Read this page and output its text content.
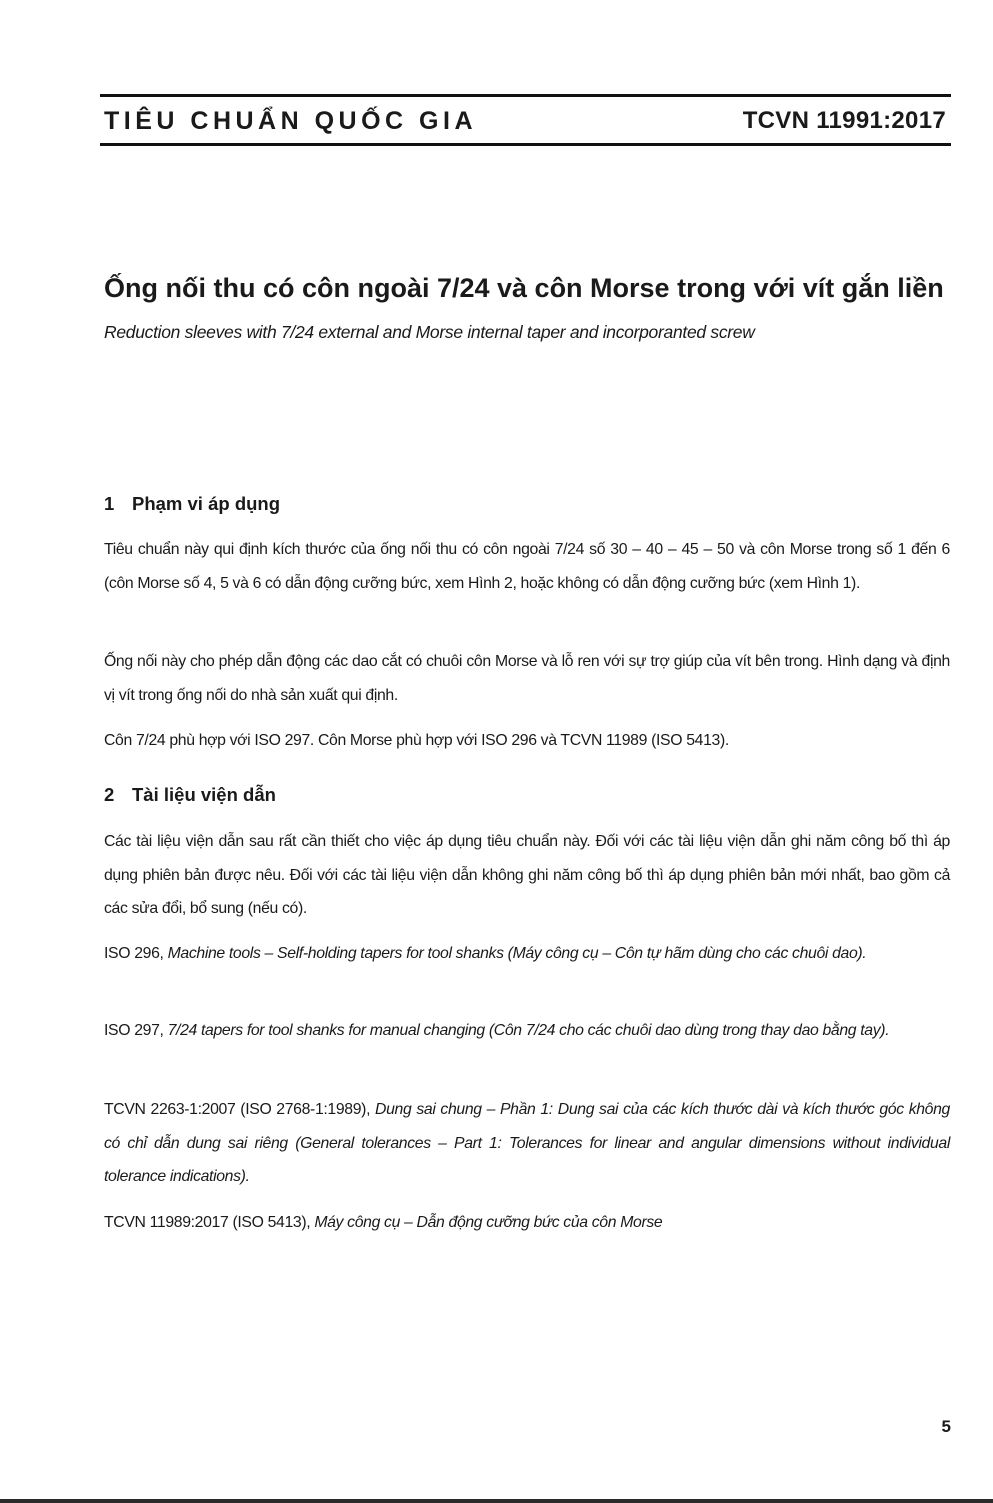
TIÊU CHUẨN QUỐC GIA	TCVN 11991:2017
Ống nối thu có côn ngoài 7/24 và côn Morse trong với vít gắn liền
Reduction sleeves with 7/24 external and Morse internal taper and incorporanted screw
1 Phạm vi áp dụng
Tiêu chuẩn này qui định kích thước của ống nối thu có côn ngoài 7/24 số 30 – 40 – 45 – 50 và côn Morse trong số 1 đến 6 (côn Morse số 4, 5 và 6 có dẫn động cưỡng bức, xem Hình 2, hoặc không có dẫn động cưỡng bức (xem Hình 1).
Ống nối này cho phép dẫn động các dao cắt có chuôi côn Morse và lỗ ren với sự trợ giúp của vít bên trong. Hình dạng và định vị vít trong ống nối do nhà sản xuất qui định.
Côn 7/24 phù hợp với ISO 297. Côn Morse phù hợp với ISO 296 và TCVN 11989 (ISO 5413).
2 Tài liệu viện dẫn
Các tài liệu viện dẫn sau rất cần thiết cho việc áp dụng tiêu chuẩn này. Đối với các tài liệu viện dẫn ghi năm công bố thì áp dụng phiên bản được nêu. Đối với các tài liệu viện dẫn không ghi năm công bố thì áp dụng phiên bản mới nhất, bao gồm cả các sửa đổi, bổ sung (nếu có).
ISO 296, Machine tools – Self-holding tapers for tool shanks (Máy công cụ – Côn tự hãm dùng cho các chuôi dao).
ISO 297, 7/24 tapers for tool shanks for manual changing (Côn 7/24 cho các chuôi dao dùng trong thay dao bằng tay).
TCVN 2263-1:2007 (ISO 2768-1:1989), Dung sai chung – Phần 1: Dung sai của các kích thước dài và kích thước góc không có chỉ dẫn dung sai riêng (General tolerances – Part 1: Tolerances for linear and angular dimensions without individual tolerance indications).
TCVN 11989:2017 (ISO 5413), Máy công cụ – Dẫn động cưỡng bức của côn Morse
5
